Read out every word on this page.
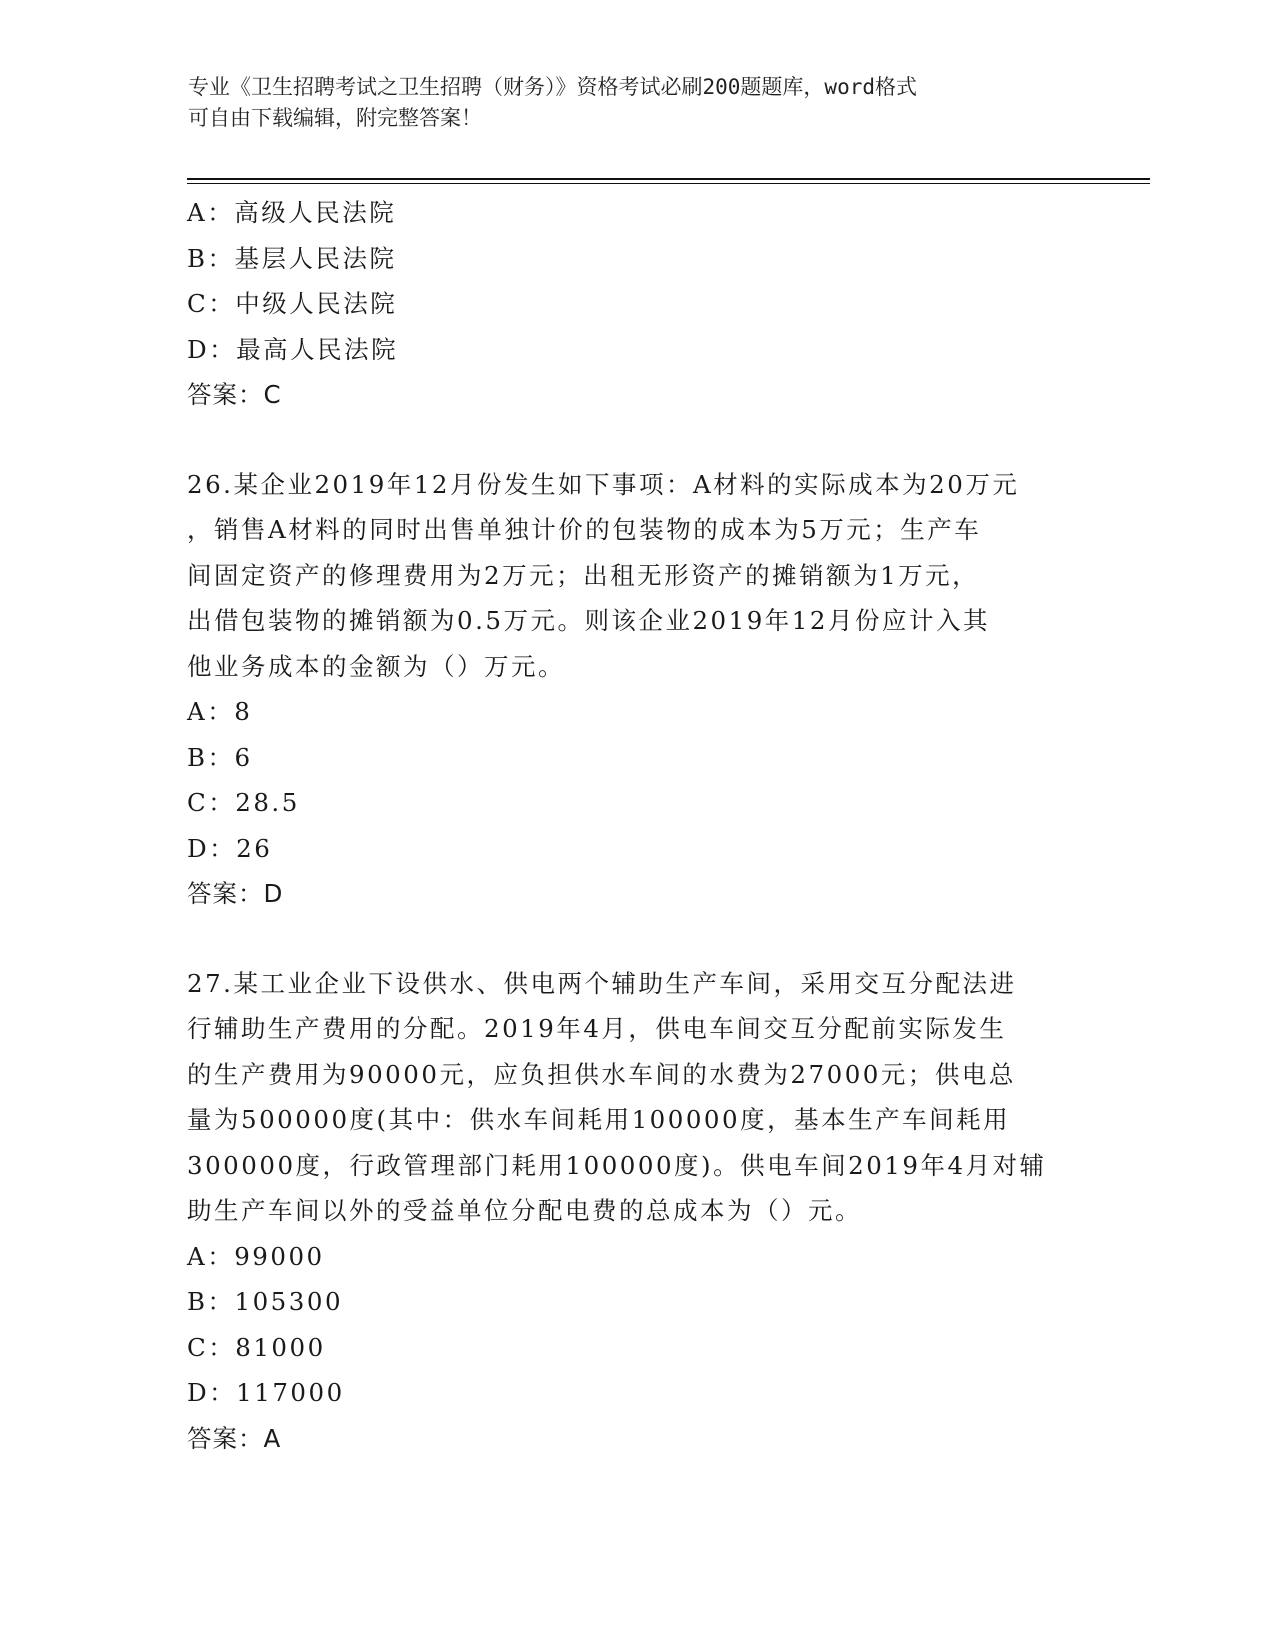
专业《卫生招聘考试之卫生招聘（财务）》资格考试必刷200题题库，word格式
可自由下载编辑，附完整答案！
A：高级人民法院
B：基层人民法院
C：中级人民法院
D：最高人民法院
答案：C
26.某企业2019年12月份发生如下事项：A材料的实际成本为20万元
，销售A材料的同时出售单独计价的包装物的成本为5万元；生产车
间固定资产的修理费用为2万元；出租无形资产的摊销额为1万元，
出借包装物的摊销额为0.5万元。则该企业2019年12月份应计入其
他业务成本的金额为（）万元。
A：8
B：6
C：28.5
D：26
答案：D
27.某工业企业下设供水、供电两个辅助生产车间，采用交互分配法进
行辅助生产费用的分配。2019年4月，供电车间交互分配前实际发生
的生产费用为90000元，应负担供水车间的水费为27000元；供电总
量为500000度(其中：供水车间耗用100000度，基本生产车间耗用
300000度，行政管理部门耗用100000度)。供电车间2019年4月对辅
助生产车间以外的受益单位分配电费的总成本为（）元。
A：99000
B：105300
C：81000
D：117000
答案：A
